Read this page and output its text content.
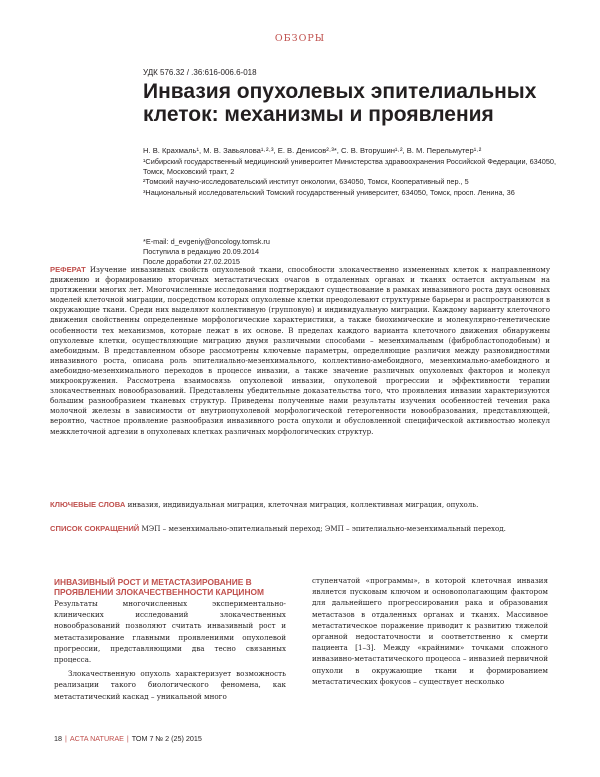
ОБЗОРЫ
УДК 576.32 / .36:616-006.6-018
Инвазия опухолевых эпителиальных клеток: механизмы и проявления
Н. В. Крахмаль¹, М. В. Завьялова¹·²·³, Е. В. Денисов²·³*, С. В. Вторушин¹·², В. М. Перельмутер¹·²

¹Сибирский государственный медицинский университет Министерства здравоохранения Российской Федерации, 634050, Томск, Московский тракт, 2

²Томский научно-исследовательский институт онкологии, 634050, Томск, Кооперативный пер., 5

³Национальный исследовательский Томский государственный университет, 634050, Томск, просп. Ленина, 36

*E-mail: d_evgeniy@oncology.tomsk.ru
Поступила в редакцию 20.09.2014
После доработки 27.02.2015
РЕФЕРАТ Изучение инвазивных свойств опухолевой ткани, способности злокачественно измененных клеток к направленному движению и формированию вторичных метастатических очагов в отдаленных органах и тканях остается актуальным на протяжении многих лет. Многочисленные исследования подтверждают существование в рамках инвазивного роста двух основных моделей клеточной миграции, посредством которых опухолевые клетки преодолевают структурные барьеры и распространяются в окружающие ткани. Среди них выделяют коллективную (групповую) и индивидуальную миграции. Каждому варианту клеточного движения свойственны определенные морфологические характеристики, а также биохимические и молекулярно-генетические особенности тех механизмов, которые лежат в их основе. В пределах каждого варианта клеточного движения обнаружены опухолевые клетки, осуществляющие миграцию двумя различными способами – мезенхимальным (фибробластоподобным) и амебоидным. В представленном обзоре рассмотрены ключевые параметры, определяющие различия между разновидностями инвазивного роста, описана роль эпителиально-мезенхимального, коллективно-амебоидного, мезенхимально-амебоидного и амебоидно-мезенхимального переходов в процессе инвазии, а также значение различных опухолевых факторов и молекул микроокружения. Рассмотрена взаимосвязь опухолевой инвазии, опухолевой прогрессии и эффективности терапии злокачественных новообразований. Представлены убедительные доказательства того, что проявления инвазии характеризуются большим разнообразием тканевых структур. Приведены полученные нами результаты изучения особенностей течения рака молочной железы в зависимости от внутриопухолевой морфологической гетерогенности новообразования, представляющей, вероятно, частное проявление разнообразия инвазивного роста опухоли и обусловленной специфической активностью молекул межклеточной адгезии в опухолевых клетках различных морфологических структур.
КЛЮЧЕВЫЕ СЛОВА инвазия, индивидуальная миграция, клеточная миграция, коллективная миграция, опухоль.
СПИСОК СОКРАЩЕНИЙ МЭП – мезенхимально-эпителиальный переход; ЭМП – эпителиально-мезенхимальный переход.
ИНВАЗИВНЫЙ РОСТ И МЕТАСТАЗИРОВАНИЕ В ПРОЯВЛЕНИИ ЗЛОКАЧЕСТВЕННОСТИ КАРЦИНОМ

Результаты многочисленных экспериментально-клинических исследований злокачественных новообразований позволяют считать инвазивный рост и метастазирование главными проявлениями опухолевой прогрессии, представляющими два тесно связанных процесса.

Злокачественную опухоль характеризует возможность реализации такого биологического феномена, как метастатический каскад – уникальной много

ступенчатой «программы», в которой клеточная инвазия является пусковым ключом и основополагающим фактором для дальнейшего прогрессирования рака и образования метастазов в отдаленных органах и тканях. Массивное метастатическое поражение приводит к развитию тяжелой органной недостаточности и соответственно к смерти пациента [1–3]. Между «крайними» точками сложного инвазивно-метастатического процесса – инвазией первичной опухоли в окружающие ткани и формированием метастатических фокусов – существует несколько

18 | ACTA NATURAE | ТОМ 7 № 2 (25) 2015
